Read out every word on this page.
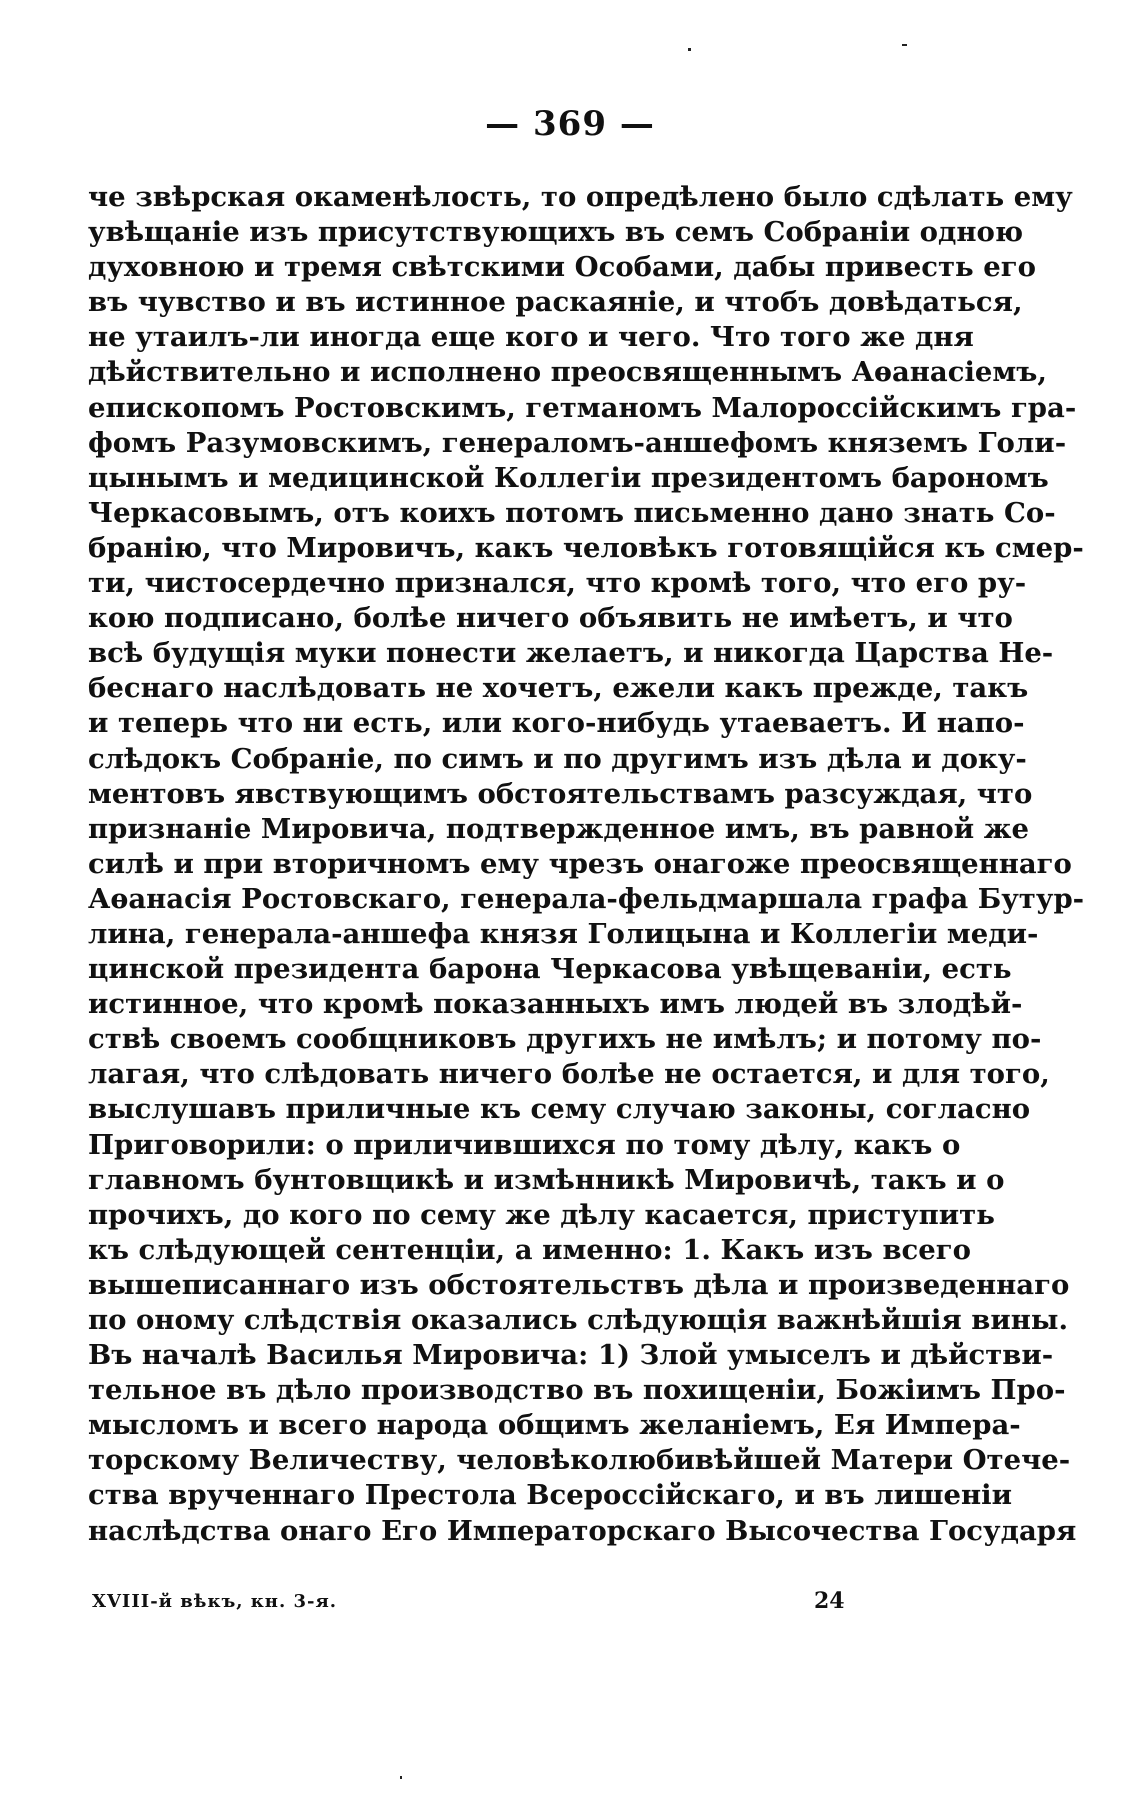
— 369 —
че звѣрская окаменѣлость, то опредѣлено было сдѣлать ему
увѣщаніе изъ присутствующихъ въ семъ Собраніи одною
духовною и тремя свѣтскими Особами, дабы привесть его
въ чувство и въ истинное раскаяніе, и чтобъ довѣдаться,
не утаилъ-ли иногда еще кого и чего. Что того же дня
дѣйствительно и исполнено преосвященнымъ Аѳанасіемъ,
епископомъ Ростовскимъ, гетманомъ Малороссійскимъ гра-
фомъ Разумовскимъ, генераломъ-аншефомъ княземъ Голи-
цынымъ и медицинской Коллегіи президентомъ барономъ
Черкасовымъ, отъ коихъ потомъ письменно дано знать Со-
бранію, что Мировичъ, какъ человѣкъ готовящійся къ смер-
ти, чистосердечно признался, что кромѣ того, что его ру-
кою подписано, болѣе ничего объявить не имѣетъ, и что
всѣ будущія муки понести желаетъ, и никогда Царства Не-
беснаго наслѣдовать не хочетъ, ежели какъ прежде, такъ
и теперь что ни есть, или кого-нибудь утаеваетъ. И напо-
слѣдокъ Собраніе, по симъ и по другимъ изъ дѣла и доку-
ментовъ явствующимъ обстоятельствамъ разсуждая, что
признаніе Мировича, подтвержденное имъ, въ равной же
силѣ и при вторичномъ ему чрезъ онагоже преосвященнаго
Аѳанасія Ростовскаго, генерала-фельдмаршала графа Бутур-
лина, генерала-аншефа князя Голицына и Коллегіи меди-
цинской президента барона Черкасова увѣщеваніи, есть
истинное, что кромѣ показанныхъ имъ людей въ злодѣй-
ствѣ своемъ сообщниковъ другихъ не имѣлъ; и потому по-
лагая, что слѣдовать ничего болѣе не остается, и для того,
выслушавъ приличные къ сему случаю законы, согласно
Приговорили: о приличившихся по тому дѣлу, какъ о
главномъ бунтовщикѣ и измѣнникѣ Мировичѣ, такъ и о
прочихъ, до кого по сему же дѣлу касается, приступить
къ слѣдующей сентенціи, а именно: 1. Какъ изъ всего
вышеписаннаго изъ обстоятельствъ дѣла и произведеннаго
по оному слѣдствія оказались слѣдующія важнѣйшія вины.
Въ началѣ Василья Мировича: 1) Злой умыселъ и дѣйстви-
тельное въ дѣло производство въ похищеніи, Божіимъ Про-
мысломъ и всего народа общимъ желаніемъ, Ея Импера-
торскому Величеству, человѣколюбивѣйшей Матери Отече-
ства врученнаго Престола Всероссійскаго, и въ лишеніи
наслѣдства онаго Его Императорскаго Высочества Государя
XVIII-й вѣкъ, кн. 3-я.	24
